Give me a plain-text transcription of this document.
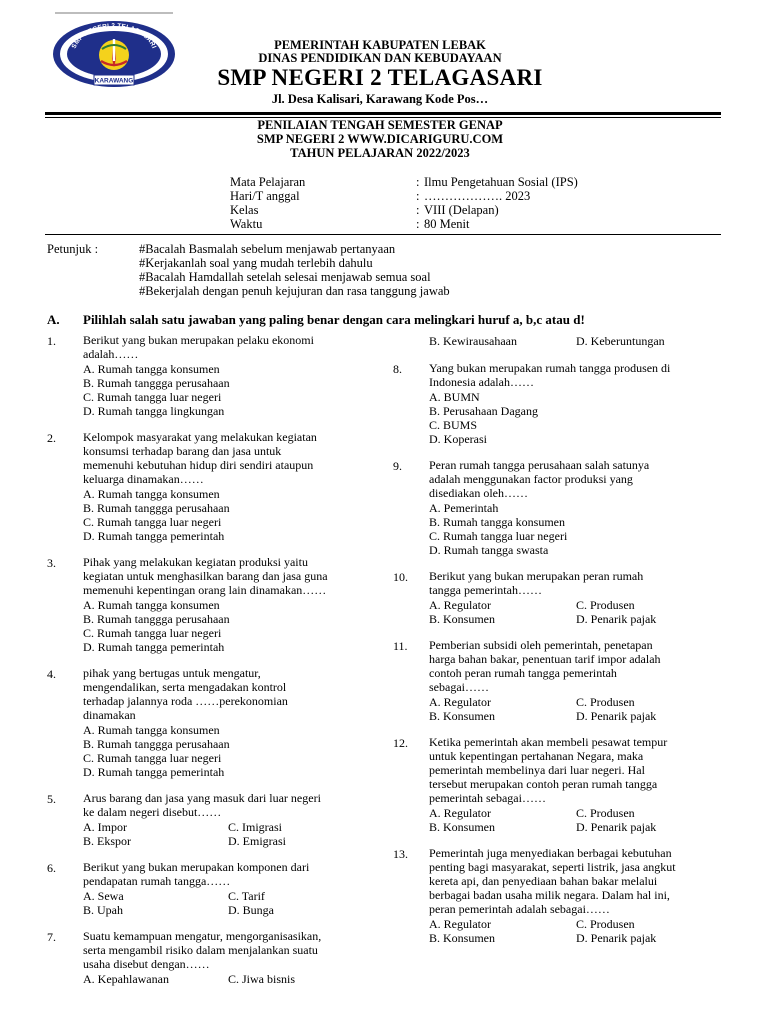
SMP NEGERI 2 TELAGASARI
KARAWANG
PEMERINTAH KABUPATEN LEBAK
DINAS PENDIDIKAN DAN KEBUDAYAAN
SMP NEGERI 2 TELAGASARI
Jl. Desa Kalisari, Karawang Kode Pos…
PENILAIAN TENGAH SEMESTER GENAP
SMP NEGERI 2 WWW.DICARIGURU.COM
TAHUN PELAJARAN 2022/2023
Mata Pelajaran	: Ilmu Pengetahuan Sosial (IPS)
Hari/T anggal	: ………………. 2023
Kelas	: VIII (Delapan)
Waktu	: 80 Menit
Petunjuk :	#Bacalah Basmalah sebelum menjawab pertanyaan
#Kerjakanlah soal yang mudah terlebih dahulu
#Bacalah Hamdallah setelah selesai menjawab semua soal
#Bekerjalah dengan penuh kejujuran dan rasa tanggung jawab
A. Pilihlah salah satu jawaban yang paling benar dengan cara melingkari huruf a, b,c atau d!
1. Berikut yang bukan merupakan pelaku ekonomi
adalah……
A. Rumah tangga konsumen
B. Rumah tanggga perusahaan
C. Rumah tangga luar negeri
D. Rumah tangga lingkungan
2. Kelompok masyarakat yang melakukan kegiatan
konsumsi terhadap barang dan jasa untuk
memenuhi kebutuhan hidup diri sendiri ataupun
keluarga dinamakan……
A. Rumah tangga konsumen
B. Rumah tanggga perusahaan
C. Rumah tangga luar negeri
D. Rumah tangga pemerintah
3. Pihak yang melakukan kegiatan produksi yaitu
kegiatan untuk menghasilkan barang dan jasa guna
memenuhi kepentingan orang lain dinamakan……
A. Rumah tangga konsumen
B. Rumah tanggga perusahaan
C. Rumah tangga luar negeri
D. Rumah tangga pemerintah
4. pihak yang bertugas untuk mengatur,
mengendalikan, serta mengadakan kontrol
terhadap jalannya roda ……perekonomian
dinamakan
A. Rumah tangga konsumen
B. Rumah tanggga perusahaan
C. Rumah tangga luar negeri
D. Rumah tangga pemerintah
5. Arus barang dan jasa yang masuk dari luar negeri
ke dalam negeri disebut……
A. Impor	C. Imigrasi
B. Ekspor	D. Emigrasi
6. Berikut yang bukan merupakan komponen dari
pendapatan rumah tangga……
A. Sewa	C. Tarif
B. Upah	D. Bunga
7. Suatu kemampuan mengatur, mengorganisasikan,
serta mengambil risiko dalam menjalankan suatu
usaha disebut dengan……
A. Kepahlawanan	C. Jiwa bisnis
B. Kewirausahaan	D. Keberuntungan
8. Yang bukan merupakan rumah tangga produsen di
Indonesia adalah……
A. BUMN
B. Perusahaan Dagang
C. BUMS
D. Koperasi
9. Peran rumah tangga perusahaan salah satunya
adalah menggunakan factor produksi yang
disediakan oleh……
A. Pemerintah
B. Rumah tangga konsumen
C. Rumah tangga luar negeri
D. Rumah tangga swasta
10. Berikut yang bukan merupakan peran rumah
tangga pemerintah……
A. Regulator	C. Produsen
B. Konsumen	D. Penarik pajak
11. Pemberian subsidi oleh pemerintah, penetapan
harga bahan bakar, penentuan tarif impor adalah
contoh peran rumah tangga pemerintah
sebagai……
A. Regulator	C. Produsen
B. Konsumen	D. Penarik pajak
12. Ketika pemerintah akan membeli pesawat tempur
untuk kepentingan pertahanan Negara, maka
pemerintah membelinya dari luar negeri. Hal
tersebut merupakan contoh peran rumah tangga
pemerintah sebagai……
A. Regulator	C. Produsen
B. Konsumen	D. Penarik pajak
13. Pemerintah juga menyediakan berbagai kebutuhan
penting bagi masyarakat, seperti listrik, jasa angkut
kereta api, dan penyediaan bahan bakar melalui
berbagai badan usaha milik negara. Dalam hal ini,
peran pemerintah adalah sebagai……
A. Regulator	C. Produsen
B. Konsumen	D. Penarik pajak
